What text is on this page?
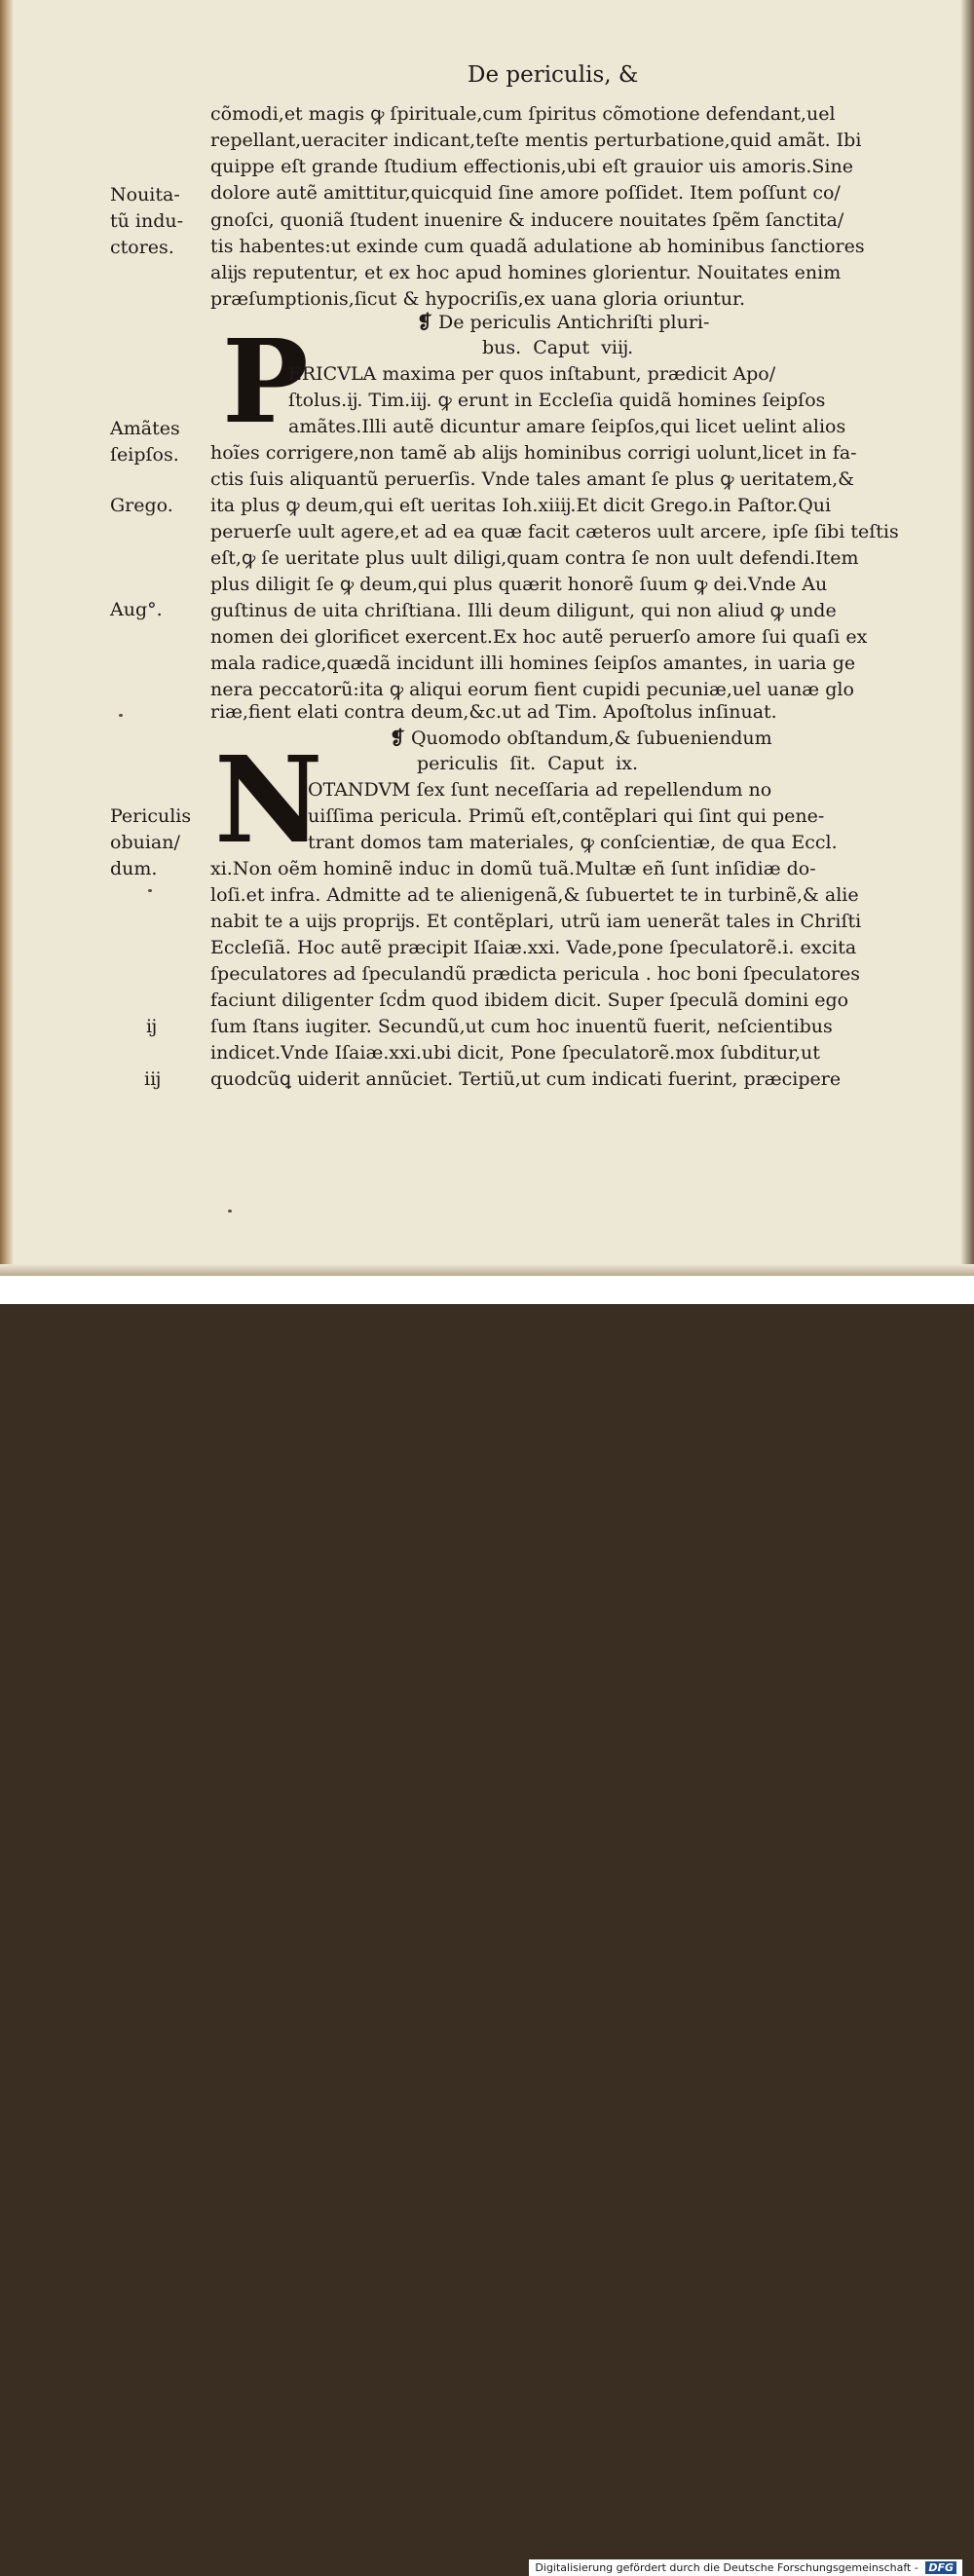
De periculis, &
cõmodi,et magis ꝙ ſpirituale,cum ſpiritus cõmotione defendant,uel
repellant,ueraciter indicant,teſte mentis perturbatione,quid amãt. Ibi
quippe eſt grande ſtudium effectionis,ubi eſt grauior uis amoris.Sine
dolore autẽ amittitur,quicquid ſine amore poſſidet. Item poſſunt co/
gnoſci, quoniã ſtudent inuenire & inducere nouitates ſpẽm ſanctita/
tis habentes:ut exinde cum quadã adulatione ab hominibus ſanctiores
alĳs reputentur, et ex hoc apud homines glorientur. Nouitates enim
præſumptionis,ſicut & hypocriſis,ex uana gloria oriuntur.
❡ De periculis Antichriſti pluri-
bus. Caput viĳ.
P
ERICVLA maxima per quos inſtabunt, prædicit Apo/
ſtolus.ĳ. Tim.iĳ. ꝙ erunt in Eccleſia quidã homines ſeipſos
amãtes.Illi autẽ dicuntur amare ſeipſos,qui licet uelint alios
hoĩes corrigere,non tamẽ ab alĳs hominibus corrigi uolunt,licet in fa-
ctis ſuis aliquantũ peruerſis. Vnde tales amant ſe plus ꝙ ueritatem,&
ita plus ꝙ deum,qui eſt ueritas Ioh.xiiĳ.Et dicit Grego.in Paſtor.Qui
peruerſe uult agere,et ad ea quæ facit cæteros uult arcere, ipſe ſibi teſtis
eſt,ꝙ ſe ueritate plus uult diligi,quam contra ſe non uult defendi.Item
plus diligit ſe ꝙ deum,qui plus quærit honorẽ ſuum ꝙ dei.Vnde Au
guſtinus de uita chriſtiana. Illi deum diligunt, qui non aliud ꝙ unde
nomen dei glorificet exercent.Ex hoc autẽ peruerſo amore ſui quaſi ex
mala radice,quædã incidunt illi homines ſeipſos amantes, in uaria ge
nera peccatorũ:ita ꝙ aliqui eorum fient cupidi pecuniæ,uel uanæ glo
riæ,fient elati contra deum,&c.ut ad Tim. Apoſtolus inſinuat.
❡ Quomodo obſtandum,& ſubueniendum
periculis ſit. Caput ix.
N
OTANDVM ſex ſunt neceſſaria ad repellendum no
uiſſima pericula. Primũ eſt,contẽplari qui ſint qui pene-
trant domos tam materiales, ꝙ conſcientiæ, de qua Eccl.
xi.Non oẽm hominẽ induc in domũ tuã.Multæ eñ ſunt inſidiæ do-
loſi.et infra. Admitte ad te alienigenã,& ſubuertet te in turbinẽ,& alie
nabit te a uĳs proprĳs. Et contẽplari, utrũ iam uenerãt tales in Chriſti
Eccleſiã. Hoc autẽ præcipit Iſaiæ.xxi. Vade,pone ſpeculatorẽ.i. excita
ſpeculatores ad ſpeculandũ prædicta pericula . hoc boni ſpeculatores
faciunt diligenter ſcḋm quod ibidem dicit. Super ſpeculã domini ego
ſum ſtans iugiter. Secundũ,ut cum hoc inuentũ fuerit, neſcientibus
indicet.Vnde Iſaiæ.xxi.ubi dicit, Pone ſpeculatorẽ.mox ſubditur,ut
quodcũꝗ uiderit annũciet. Tertiũ,ut cum indicati fuerint, præcipere
Nouita-
tũ indu-
ctores.
Amãtes
ſeipſos.
Grego.
Aug°.
Periculis
obuian/
dum.
ĳ
iĳ
Digitalisierung gefördert durch die Deutsche Forschungsgemeinschaft - DFG
